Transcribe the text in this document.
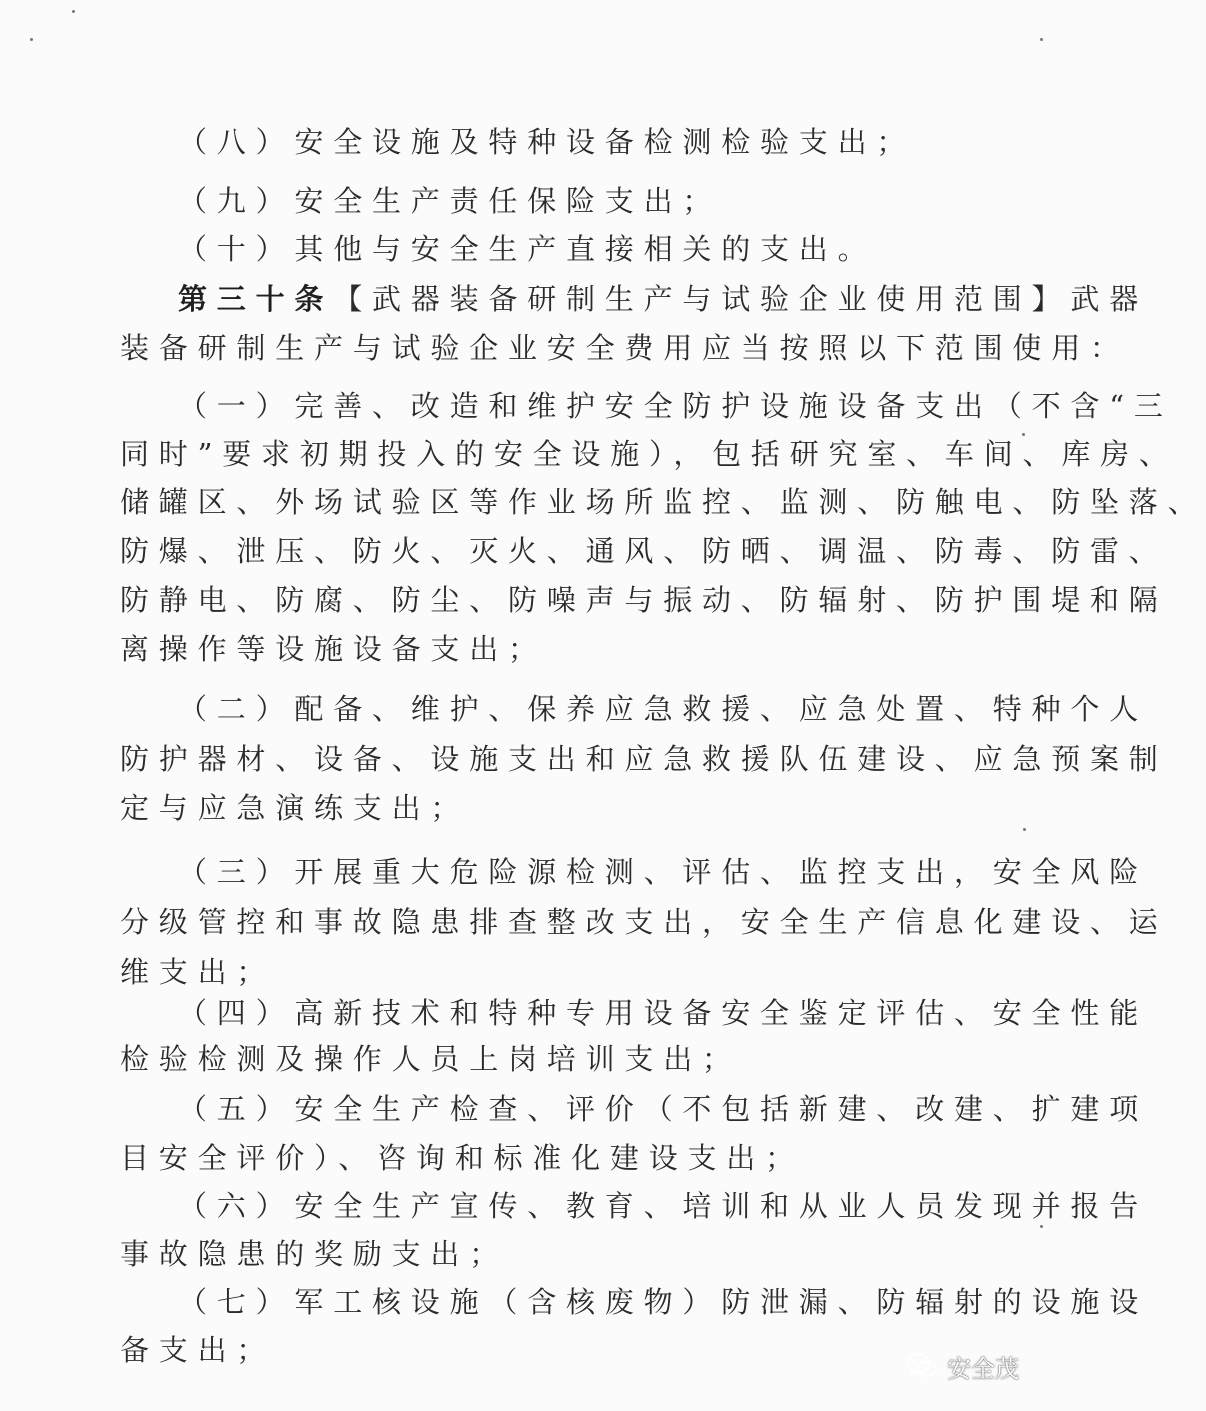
（八）安全设施及特种设备检测检验支出；
（九）安全生产责任保险支出；
（十）其他与安全生产直接相关的支出。
第三十条【武器装备研制生产与试验企业使用范围】武器
装备研制生产与试验企业安全费用应当按照以下范围使用：
（一）完善、改造和维护安全防护设施设备支出（不含“三
同时”要求初期投入的安全设施），包括研究室、车间、库房、
储罐区、外场试验区等作业场所监控、监测、防触电、防坠落、
防爆、泄压、防火、灭火、通风、防晒、调温、防毒、防雷、
防静电、防腐、防尘、防噪声与振动、防辐射、防护围堤和隔
离操作等设施设备支出；
（二）配备、维护、保养应急救援、应急处置、特种个人
防护器材、设备、设施支出和应急救援队伍建设、应急预案制
定与应急演练支出；
（三）开展重大危险源检测、评估、监控支出，安全风险
分级管控和事故隐患排查整改支出，安全生产信息化建设、运
维支出；
（四）高新技术和特种专用设备安全鉴定评估、安全性能
检验检测及操作人员上岗培训支出；
（五）安全生产检查、评价（不包括新建、改建、扩建项
目安全评价）、咨询和标准化建设支出；
（六）安全生产宣传、教育、培训和从业人员发现并报告
事故隐患的奖励支出；
（七）军工核设施（含核废物）防泄漏、防辐射的设施设
备支出；
安全茂
